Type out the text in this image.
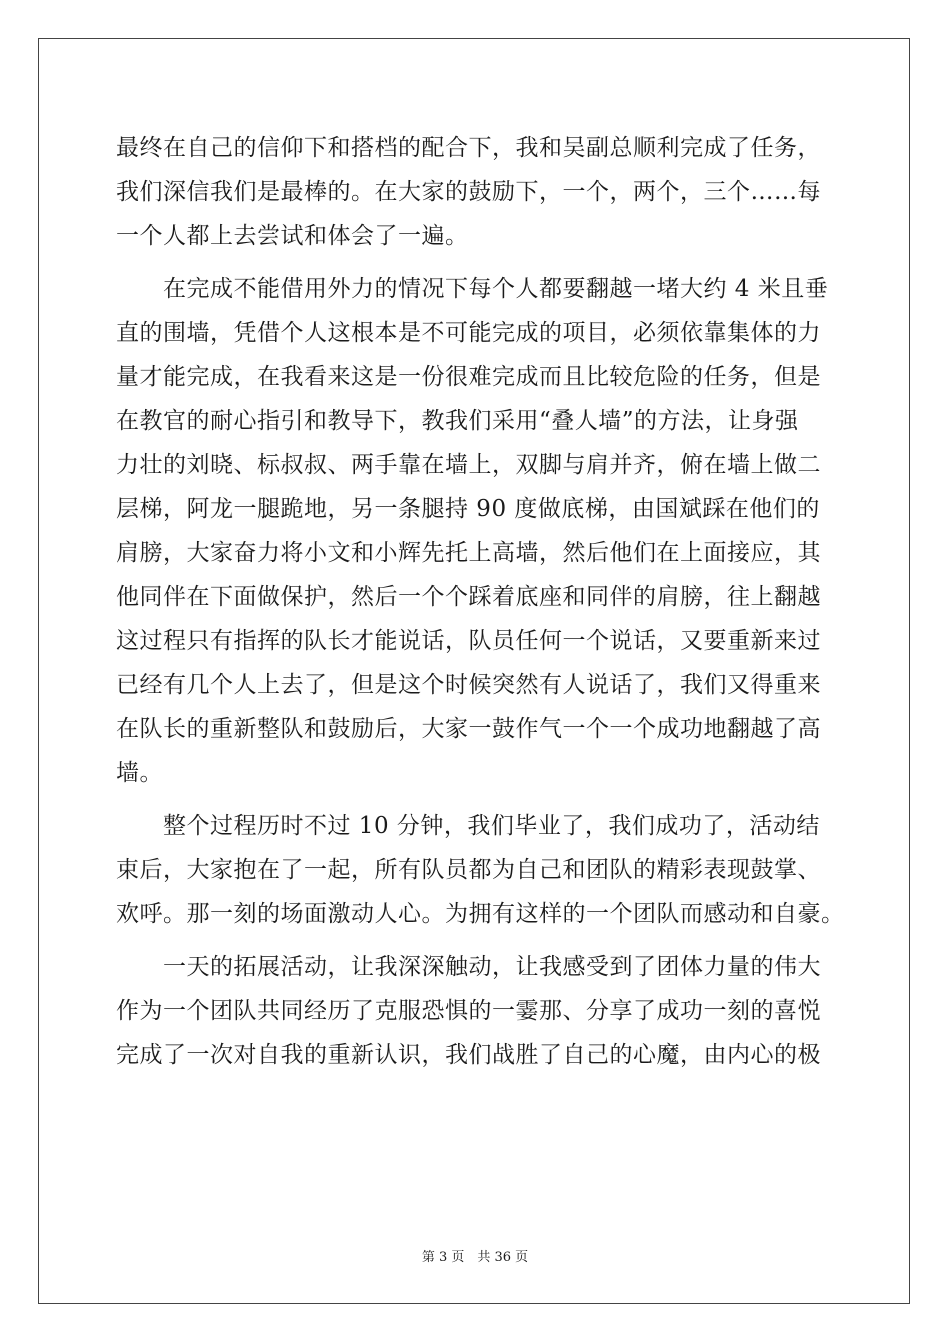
最终在自己的信仰下和搭档的配合下，我和吴副总顺利完成了任务，
我们深信我们是最棒的。在大家的鼓励下，一个，两个，三个……每
一个人都上去尝试和体会了一遍。
　　在完成不能借用外力的情况下每个人都要翻越一堵大约 4 米且垂
直的围墙，凭借个人这根本是不可能完成的项目，必须依靠集体的力
量才能完成，在我看来这是一份很难完成而且比较危险的任务，但是
在教官的耐心指引和教导下，教我们采用“叠人墙”的方法，让身强
力壮的刘晓、标叔叔、两手靠在墙上，双脚与肩并齐，俯在墙上做二
层梯，阿龙一腿跪地，另一条腿持 90 度做底梯，由国斌踩在他们的
肩膀，大家奋力将小文和小辉先托上高墙，然后他们在上面接应，其
他同伴在下面做保护，然后一个个踩着底座和同伴的肩膀，往上翻越
这过程只有指挥的队长才能说话，队员任何一个说话，又要重新来过
已经有几个人上去了，但是这个时候突然有人说话了，我们又得重来
在队长的重新整队和鼓励后，大家一鼓作气一个一个成功地翻越了高
墙。
　　整个过程历时不过 10 分钟，我们毕业了，我们成功了，活动结
束后，大家抱在了一起，所有队员都为自己和团队的精彩表现鼓掌、
欢呼。那一刻的场面激动人心。为拥有这样的一个团队而感动和自豪。
　　一天的拓展活动，让我深深触动，让我感受到了团体力量的伟大
作为一个团队共同经历了克服恐惧的一霎那、分享了成功一刻的喜悦
完成了一次对自我的重新认识，我们战胜了自己的心魔，由内心的极
第 3 页　共 36 页
